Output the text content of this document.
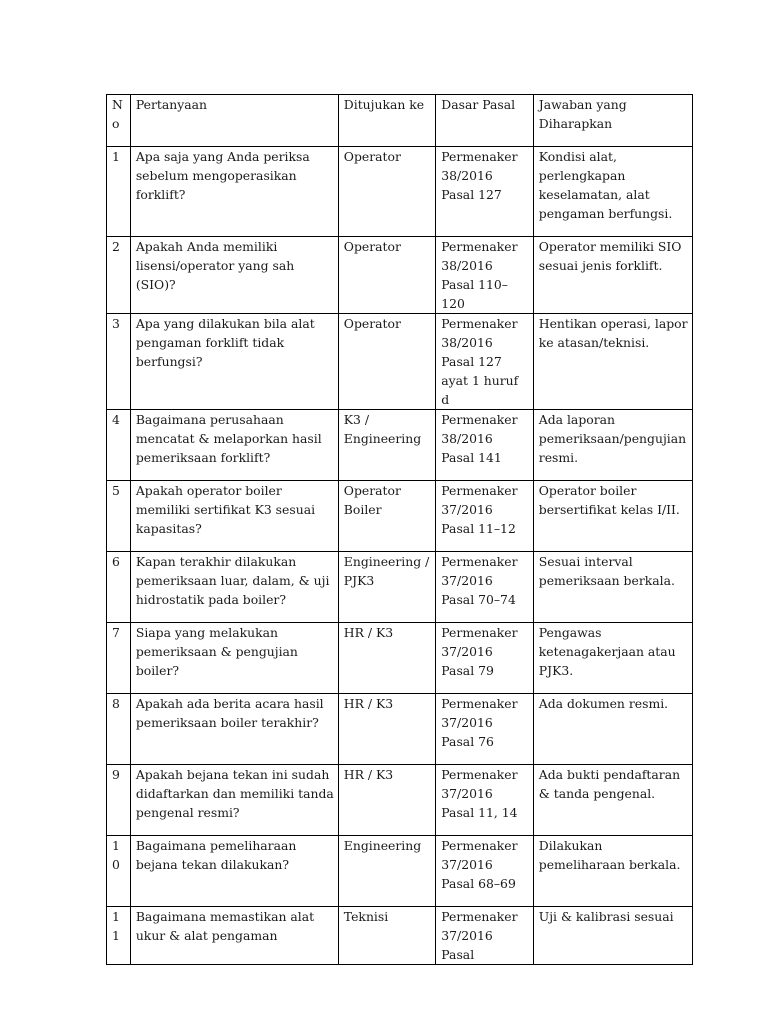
No	Pertanyaan	Ditujukan ke	Dasar Pasal	Jawaban yang Diharapkan

1	Apa saja yang Anda periksa sebelum mengoperasikan forklift?	Operator	Permenaker 38/2016 Pasal 127	Kondisi alat, perlengkapan keselamatan, alat pengaman berfungsi.

2	Apakah Anda memiliki lisensi/operator yang sah (SIO)?	Operator	Permenaker 38/2016 Pasal 110–120	Operator memiliki SIO sesuai jenis forklift.

3	Apa yang dilakukan bila alat pengaman forklift tidak berfungsi?	Operator	Permenaker 38/2016 Pasal 127 ayat 1 huruf d	Hentikan operasi, lapor ke atasan/teknisi.

4	Bagaimana perusahaan mencatat & melaporkan hasil pemeriksaan forklift?	K3 / Engineering	Permenaker 38/2016 Pasal 141	Ada laporan pemeriksaan/pengujian resmi.

5	Apakah operator boiler memiliki sertifikat K3 sesuai kapasitas?	Operator Boiler	Permenaker 37/2016 Pasal 11–12	Operator boiler bersertifikat kelas I/II.

6	Kapan terakhir dilakukan pemeriksaan luar, dalam, & uji hidrostatik pada boiler?	Engineering / PJK3	Permenaker 37/2016 Pasal 70–74	Sesuai interval pemeriksaan berkala.

7	Siapa yang melakukan pemeriksaan & pengujian boiler?	HR / K3	Permenaker 37/2016 Pasal 79	Pengawas ketenagakerjaan atau PJK3.

8	Apakah ada berita acara hasil pemeriksaan boiler terakhir?	HR / K3	Permenaker 37/2016 Pasal 76	Ada dokumen resmi.

9	Apakah bejana tekan ini sudah didaftarkan dan memiliki tanda pengenal resmi?	HR / K3	Permenaker 37/2016 Pasal 11, 14	Ada bukti pendaftaran & tanda pengenal.

10	Bagaimana pemeliharaan bejana tekan dilakukan?	Engineering	Permenaker 37/2016 Pasal 68–69	Dilakukan pemeliharaan berkala.

11	Bagaimana memastikan alat ukur & alat pengaman	Teknisi	Permenaker 37/2016 Pasal	Uji & kalibrasi sesuai
